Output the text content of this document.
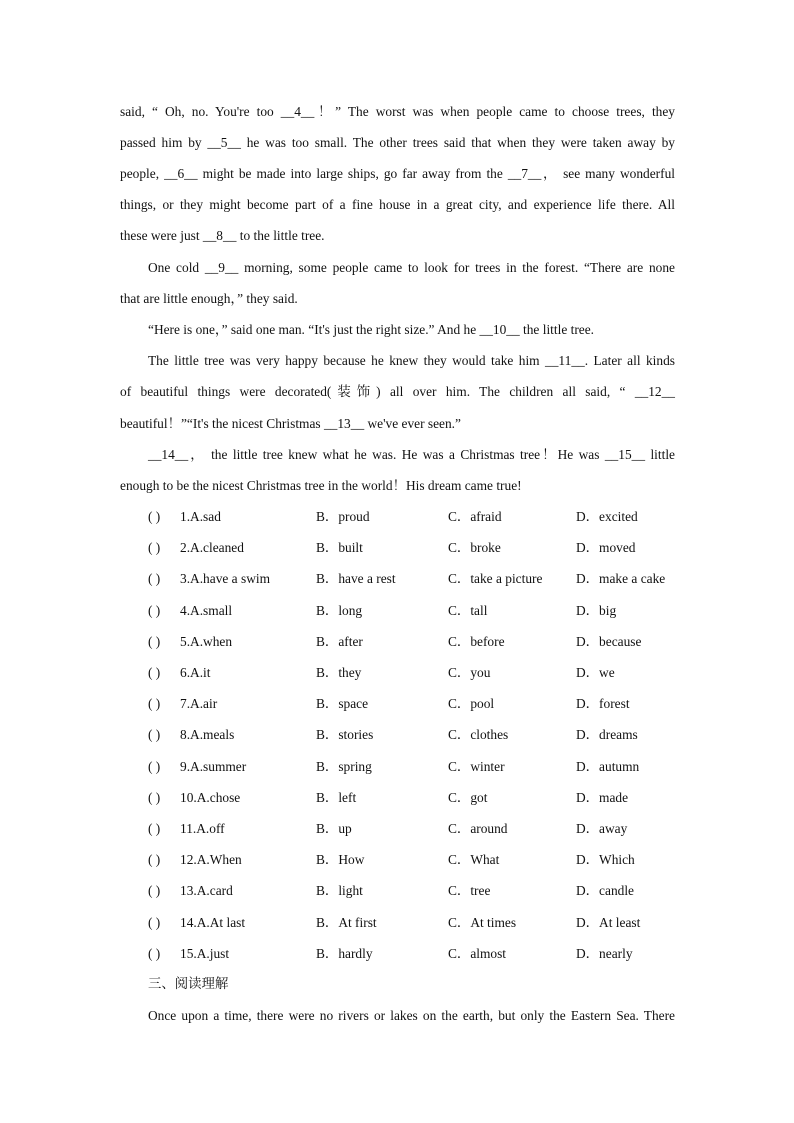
said, “ Oh, no. You're too __4__！” The worst was when people came to choose trees, they
passed him by __5__ he was too small. The other trees said that when they were taken away by
people, __6__ might be made into large ships, go far away from the __7__， see many wonderful
things, or they might become part of a fine house in a great city, and experience life there. All
these were just __8__ to the little tree.
One cold __9__ morning, some people came to look for trees in the forest. “There are none
that are little enough，” they said.
“Here is one，” said one man. “It's just the right size.” And he __10__ the little tree.
The little tree was very happy because he knew they would take him __11__. Later all kinds
of beautiful things were decorated(装饰) all over him. The children all said, “ __12__
beautiful！”“It's the nicest Christmas __13__ we've ever seen.”
__14__， the little tree knew what he was. He was a Christmas tree！He was __15__ little
enough to be the nicest Christmas tree in the world！His dream came true!
( ) 1.A.sad	B．proud	C．afraid	D．excited
( ) 2.A.cleaned	B．built	C．broke	D．moved
( ) 3.A.have a swim	B．have a rest	C．take a picture	D．make a cake
( ) 4.A.small	B．long	C．tall	D．big
( ) 5.A.when	B．after	C．before	D．because
( ) 6.A.it	B．they	C．you	D．we
( ) 7.A.air	B．space	C．pool	D．forest
( ) 8.A.meals	B．stories	C．clothes	D．dreams
( ) 9.A.summer	B．spring	C．winter	D．autumn
( ) 10.A.chose	B．left	C．got	D．made
( ) 11.A.off	B．up	C．around	D．away
( ) 12.A.When	B．How	C．What	D．Which
( ) 13.A.card	B．light	C．tree	D．candle
( ) 14.A.At last	B．At first	C．At times	D．At least
( ) 15.A.just	B．hardly	C．almost	D．nearly
三、阅读理解
Once upon a time, there were no rivers or lakes on the earth, but only the Eastern Sea. There
